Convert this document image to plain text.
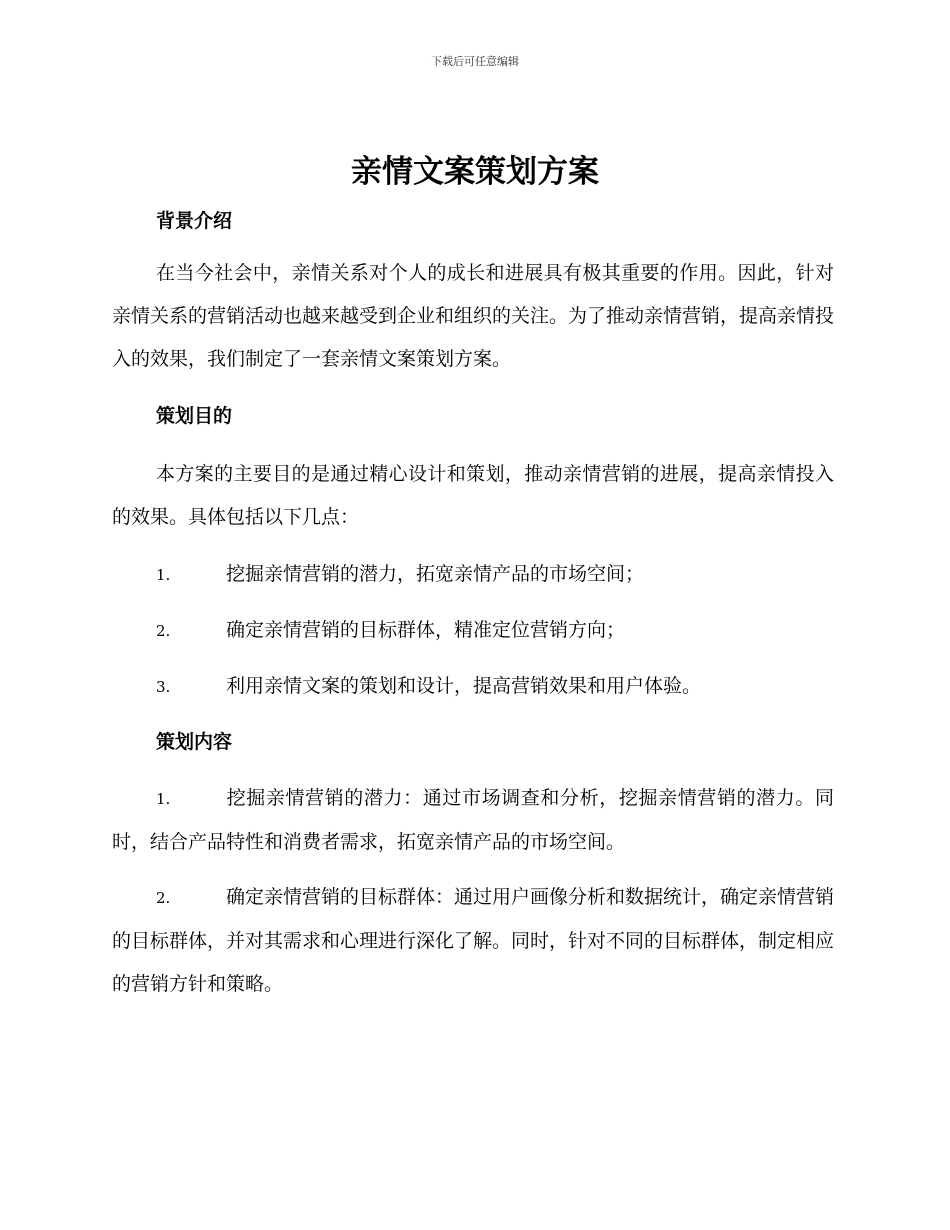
下载后可任意编辑
亲情文案策划方案
背景介绍

在当今社会中，亲情关系对个人的成长和进展具有极其重要的作用。因此，针对亲情关系的营销活动也越来越受到企业和组织的关注。为了推动亲情营销，提高亲情投入的效果，我们制定了一套亲情文案策划方案。

策划目的

本方案的主要目的是通过精心设计和策划，推动亲情营销的进展，提高亲情投入的效果。具体包括以下几点：

1.	挖掘亲情营销的潜力，拓宽亲情产品的市场空间；
2.	确定亲情营销的目标群体，精准定位营销方向；
3.	利用亲情文案的策划和设计，提高营销效果和用户体验。
策划内容

1.	挖掘亲情营销的潜力：通过市场调查和分析，挖掘亲情营销的潜力。同时，结合产品特性和消费者需求，拓宽亲情产品的市场空间。

2.	确定亲情营销的目标群体：通过用户画像分析和数据统计，确定亲情营销的目标群体，并对其需求和心理进行深化了解。同时，针对不同的目标群体，制定相应的营销方针和策略。
